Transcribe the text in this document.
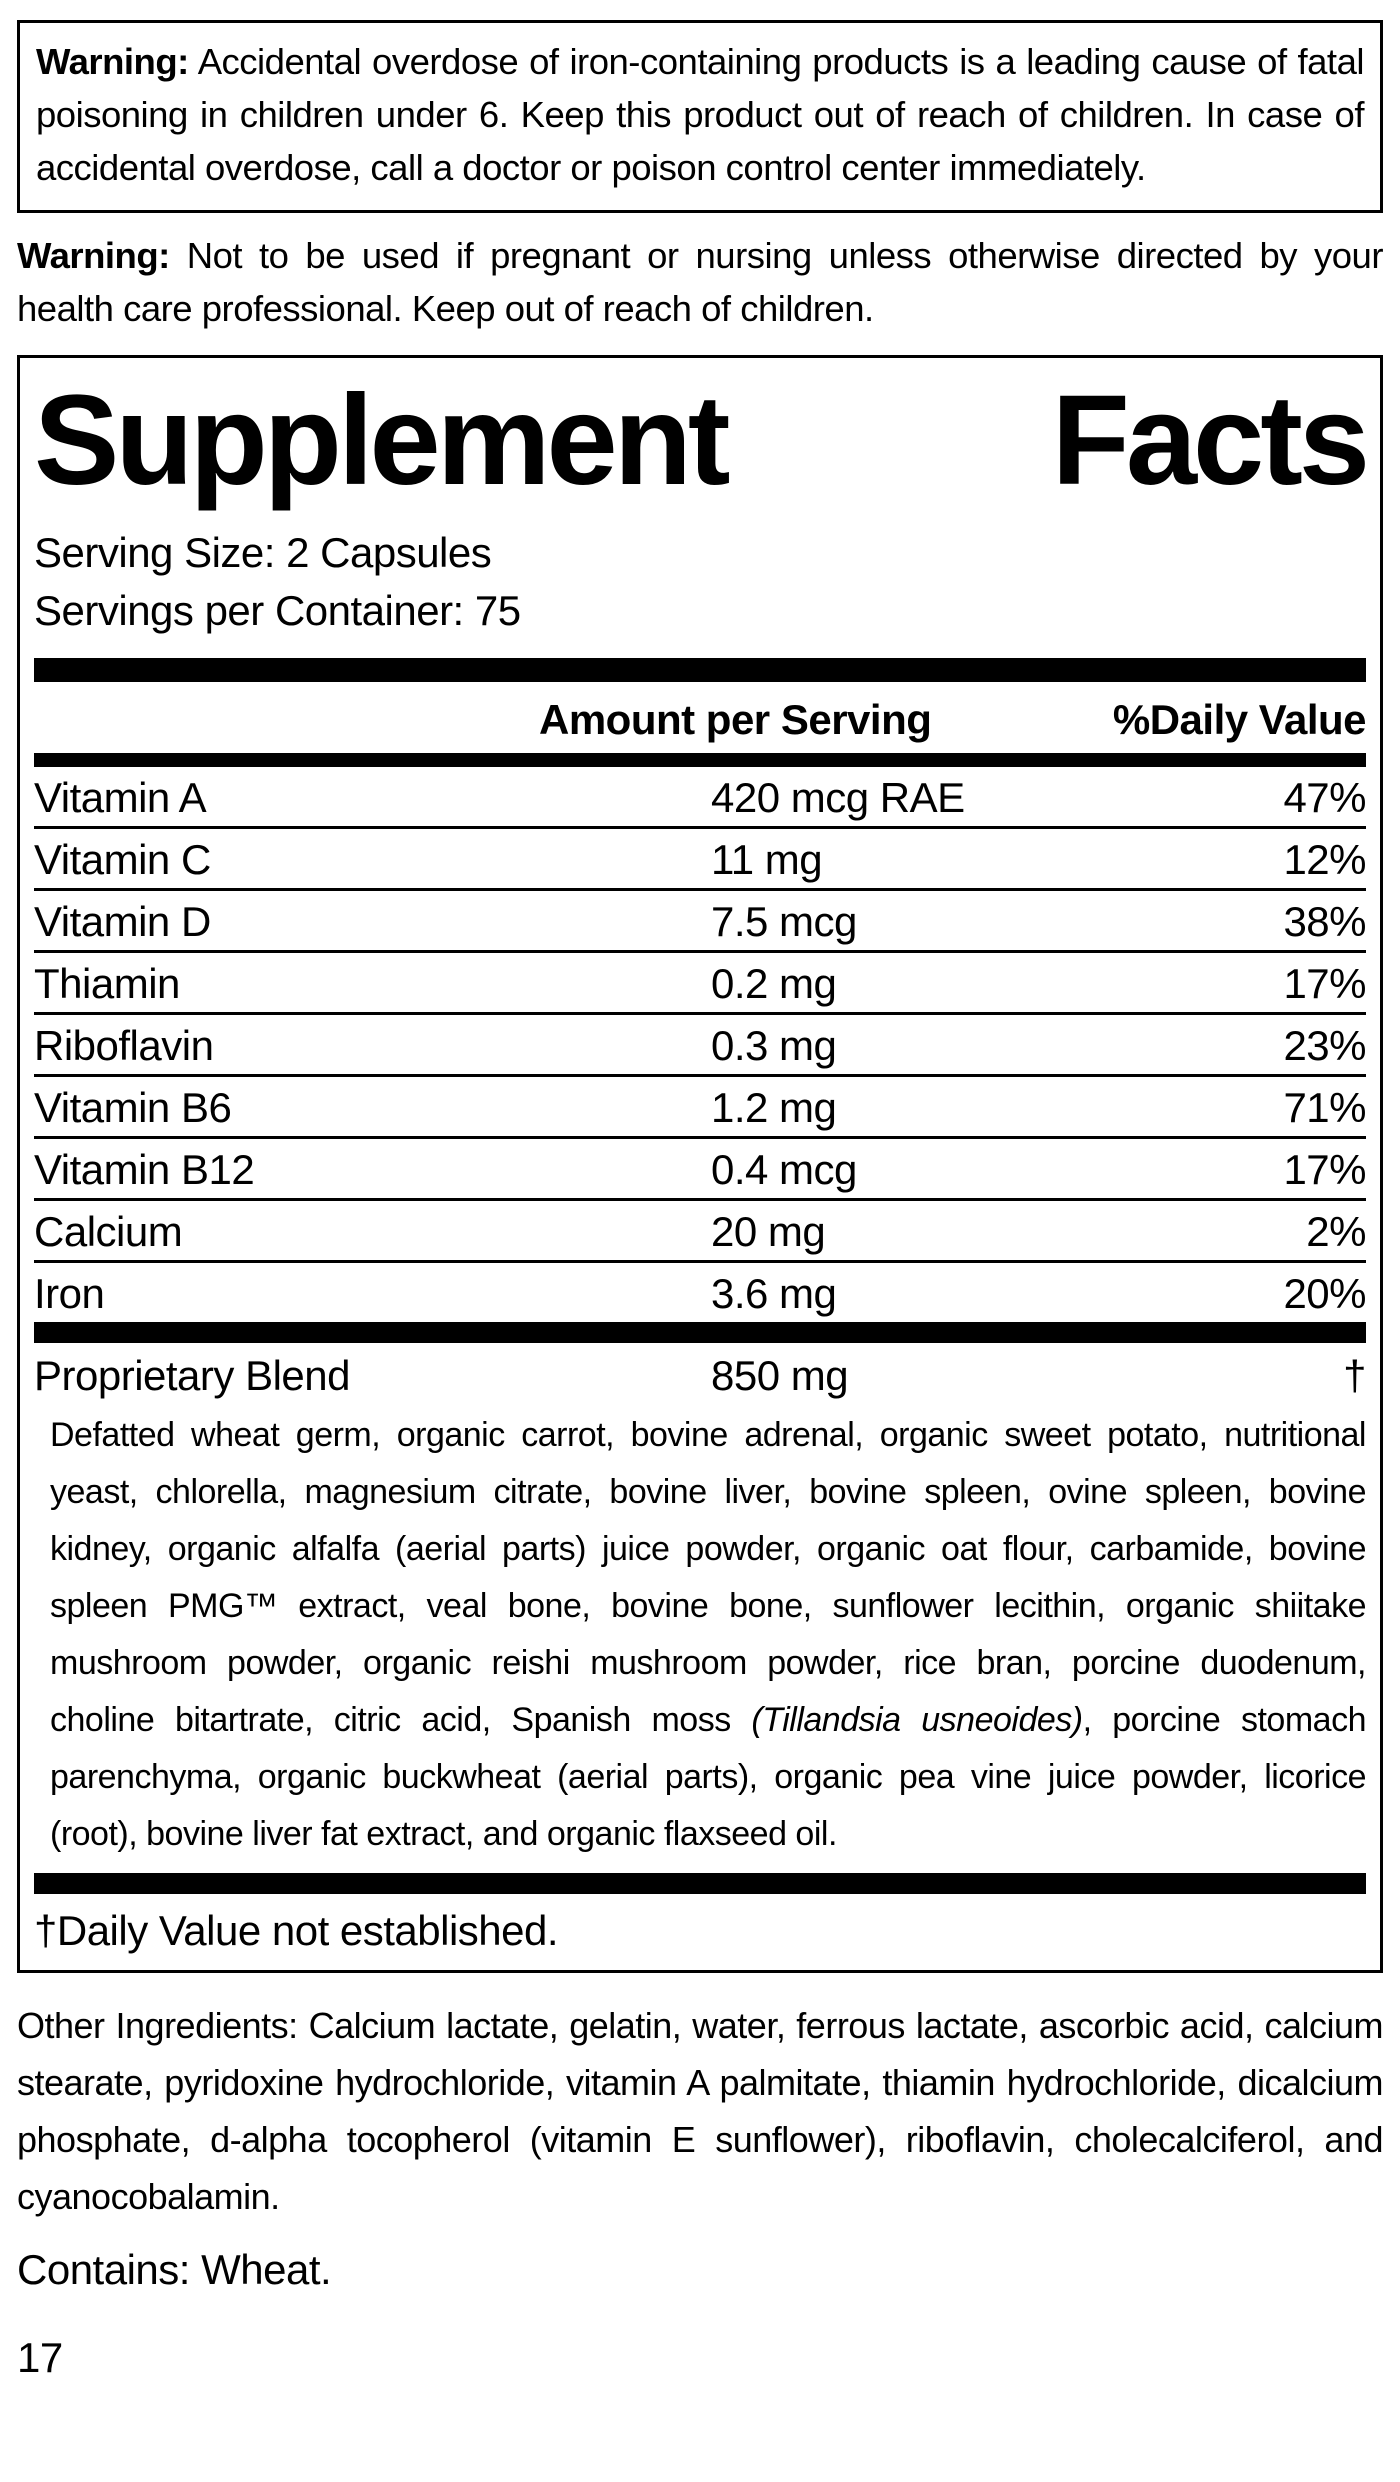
Warning: Accidental overdose of iron-containing products is a leading cause of fatal poisoning in children under 6. Keep this product out of reach of children. In case of accidental overdose, call a doctor or poison control center immediately.

Warning: Not to be used if pregnant or nursing unless otherwise directed by your health care professional. Keep out of reach of children.

Supplement	Facts
Serving Size: 2 Capsules
Servings per Container: 75
Amount per Serving	%Daily Value
Vitamin A	420 mcg RAE	47%
Vitamin C	11 mg	12%
Vitamin D	7.5 mcg	38%
Thiamin	0.2 mg	17%
Riboflavin	0.3 mg	23%
Vitamin B6	1.2 mg	71%
Vitamin B12	0.4 mcg	17%
Calcium	20 mg	2%
Iron	3.6 mg	20%
Proprietary Blend	850 mg	†

Defatted wheat germ, organic carrot, bovine adrenal, organic sweet potato, nutritional yeast, chlorella, magnesium citrate, bovine liver, bovine spleen, ovine spleen, bovine kidney, organic alfalfa (aerial parts) juice powder, organic oat flour, carbamide, bovine spleen PMG™ extract, veal bone, bovine bone, sunflower lecithin, organic shiitake mushroom powder, organic reishi mushroom powder, rice bran, porcine duodenum, choline bitartrate, citric acid, Spanish moss (Tillandsia usneoides), porcine stomach parenchyma, organic buckwheat (aerial parts), organic pea vine juice powder, licorice (root), bovine liver fat extract, and organic flaxseed oil.

†Daily Value not established.

Other Ingredients: Calcium lactate, gelatin, water, ferrous lactate, ascorbic acid, calcium stearate, pyridoxine hydrochloride, vitamin A palmitate, thiamin hydrochloride, dicalcium phosphate, d-alpha tocopherol (vitamin E sunflower), riboflavin, cholecalciferol, and cyanocobalamin.

Contains: Wheat.

17
